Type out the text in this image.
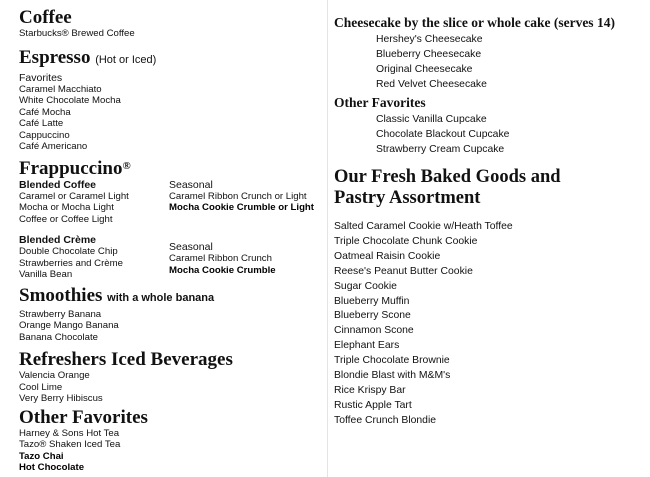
Coffee
Starbucks® Brewed Coffee
Espresso (Hot or Iced)
Favorites
Caramel Macchiato
White Chocolate Mocha
Café Mocha
Café Latte
Cappuccino
Café Americano
Frappuccino®
Blended Coffee
Caramel or Caramel Light
Mocha or Mocha Light
Coffee or Coffee Light
Seasonal
Caramel Ribbon Crunch or Light
Mocha Cookie Crumble or Light
Blended Crème
Double Chocolate Chip
Strawberries and Crème
Vanilla Bean
Seasonal
Caramel Ribbon Crunch
Mocha Cookie Crumble
Smoothies with a whole banana
Strawberry Banana
Orange Mango Banana
Banana Chocolate
Refreshers Iced Beverages
Valencia Orange
Cool Lime
Very Berry Hibiscus
Other Favorites
Harney & Sons Hot Tea
Tazo® Shaken Iced Tea
Tazo Chai
Hot Chocolate
Cheesecake by the slice or whole cake (serves 14)
Hershey's Cheesecake
Blueberry Cheesecake
Original Cheesecake
Red Velvet Cheesecake
Other Favorites
Classic Vanilla Cupcake
Chocolate Blackout Cupcake
Strawberry Cream Cupcake
Our Fresh Baked Goods and
Pastry Assortment
Salted Caramel Cookie w/Heath Toffee
Triple Chocolate Chunk Cookie
Oatmeal Raisin Cookie
Reese's Peanut Butter Cookie
Sugar Cookie
Blueberry Muffin
Blueberry Scone
Cinnamon Scone
Elephant Ears
Triple Chocolate Brownie
Blondie Blast with M&M's
Rice Krispy Bar
Rustic Apple Tart
Toffee Crunch Blondie
